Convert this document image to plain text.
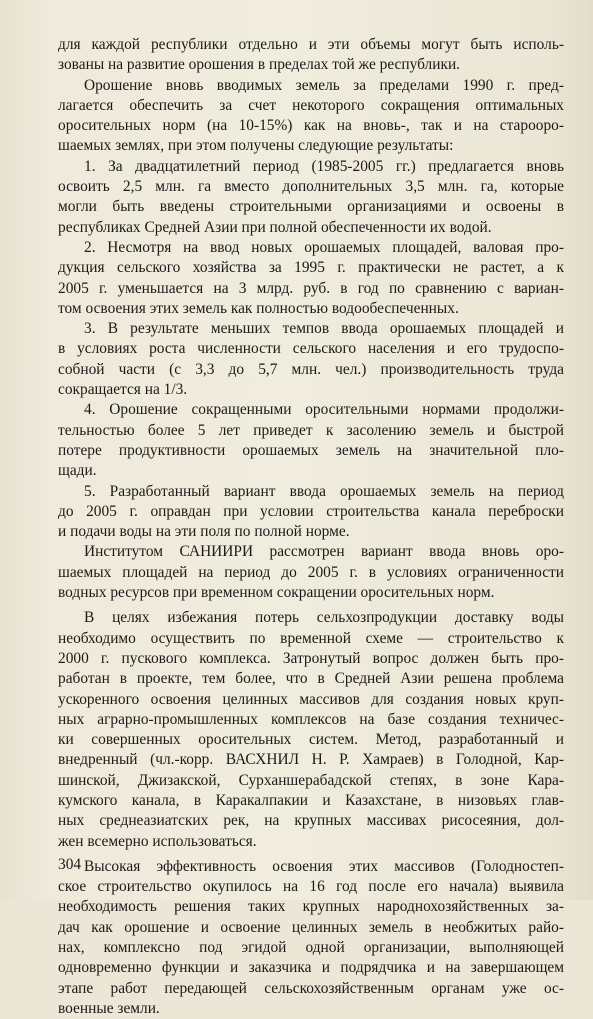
для каждой республики отдельно и эти объемы могут быть исполь-
зованы на развитие орошения в пределах той же республики.
Орошение вновь вводимых земель за пределами 1990 г. пред-
лагается обеспечить за счет некоторого сокращения оптимальных
оросительных норм (на 10-15%) как на вновь-, так и на староoро-
шаемых землях, при этом получены следующие результаты:
1. За двадцатилетний период (1985-2005 гг.) предлагается вновь
освоить 2,5 млн. га вместо дополнительных 3,5 млн. га, которые
могли быть введены строительными организациями и освоены в
республиках Средней Азии при полной обеспеченности их водой.
2. Несмотря на ввод новых орошаемых площадей, валовая про-
дукция сельского хозяйства за 1995 г. практически не растет, а к
2005 г. уменьшается на 3 млрд. руб. в год по сравнению с вариан-
том освоения этих земель как полностью водообеспеченных.
3. В результате меньших темпов ввода орошаемых площадей и
в условиях роста численности сельского населения и его трудоспо-
собной части (с 3,3 до 5,7 млн. чел.) производительность труда
сокращается на 1/3.
4. Орошение сокращенными оросительными нормами продолжи-
тельностью более 5 лет приведет к засолению земель и быстрой
потере продуктивности орошаемых земель на значительной пло-
щади.
5. Разработанный вариант ввода орошаемых земель на период
до 2005 г. оправдан при условии строительства канала переброски
и подачи воды на эти поля по полной норме.
Институтом САНИИРИ рассмотрен вариант ввода вновь оро-
шаемых площадей на период до 2005 г. в условиях ограниченности
водных ресурсов при временном сокращении оросительных норм.
В целях избежания потерь сельхозпродукции доставку воды
необходимо осуществить по временной схеме — строительство к
2000 г. пускового комплекса. Затронутый вопрос должен быть про-
работан в проекте, тем более, что в Средней Азии решена проблема
ускоренного освоения целинных массивов для создания новых круп-
ных аграрно-промышленных комплексов на базе создания техничес-
ки совершенных оросительных систем. Метод, разработанный и
внедренный (чл.-корр. ВАСХНИЛ Н. Р. Хамраев) в Голодной, Кар-
шинской, Джизакской, Сурханшерабадской степях, в зоне Кара-
кумского канала, в Каракалпакии и Казахстане, в низовьях глав-
ных среднеазиатских рек, на крупных массивах рисосеяния, дол-
жен всемерно использоваться.
Высокая эффективность освоения этих массивов (Голодностеп-
ское строительство окупилось на 16 год после его начала) выявила
необходимость решения таких крупных народнохозяйственных за-
дач как орошение и освоение целинных земель в необжитых райо-
нах, комплексно под эгидой одной организации, выполняющей
одновременно функции и заказчика и подрядчика и на завершающем
этапе работ передающей сельскохозяйственным органам уже ос-
военные земли.
304
